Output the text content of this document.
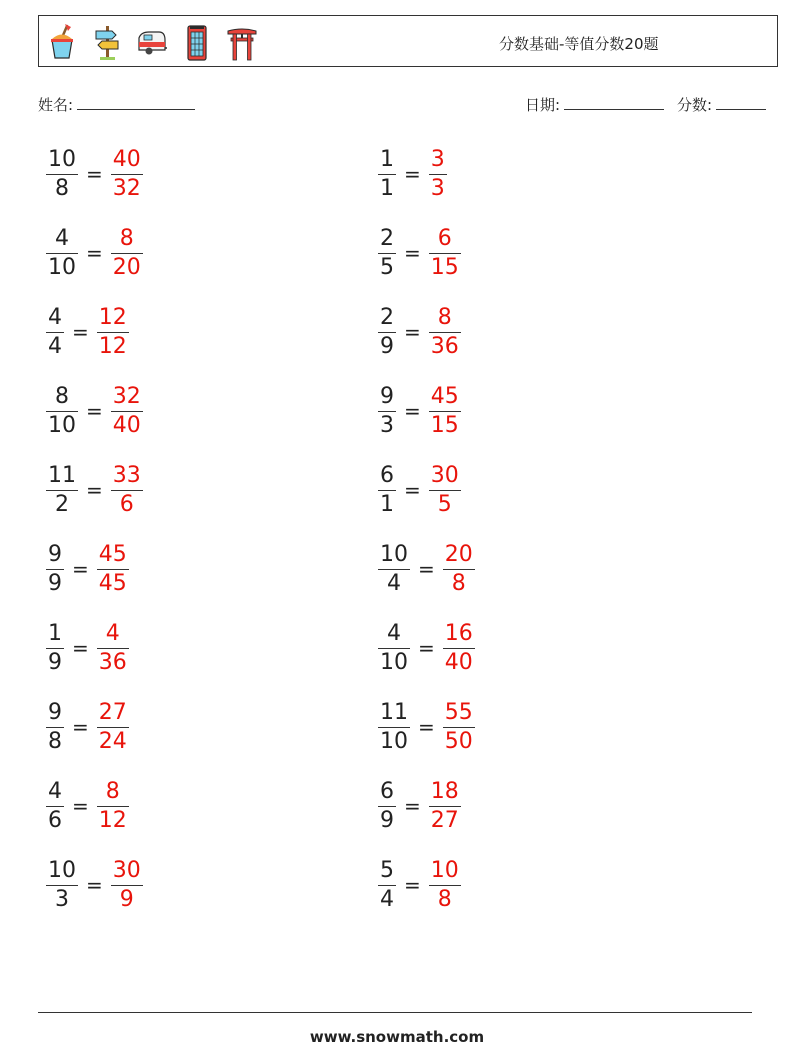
分数基础-等值分数20题
姓名:	日期:	分数:
$\frac{10}{8} = \frac{40}{32}$	$\frac{1}{1} = \frac{3}{3}$
$\frac{4}{10} = \frac{8}{20}$	$\frac{2}{5} = \frac{6}{15}$
$\frac{4}{4} = \frac{12}{12}$	$\frac{2}{9} = \frac{8}{36}$
$\frac{8}{10} = \frac{32}{40}$	$\frac{9}{3} = \frac{45}{15}$
$\frac{11}{2} = \frac{33}{6}$	$\frac{6}{1} = \frac{30}{5}$
$\frac{9}{9} = \frac{45}{45}$	$\frac{10}{4} = \frac{20}{8}$
$\frac{1}{9} = \frac{4}{36}$	$\frac{4}{10} = \frac{16}{40}$
$\frac{9}{8} = \frac{27}{24}$	$\frac{11}{10} = \frac{55}{50}$
$\frac{4}{6} = \frac{8}{12}$	$\frac{6}{9} = \frac{18}{27}$
$\frac{10}{3} = \frac{30}{9}$	$\frac{5}{4} = \frac{10}{8}$
www.snowmath.com
